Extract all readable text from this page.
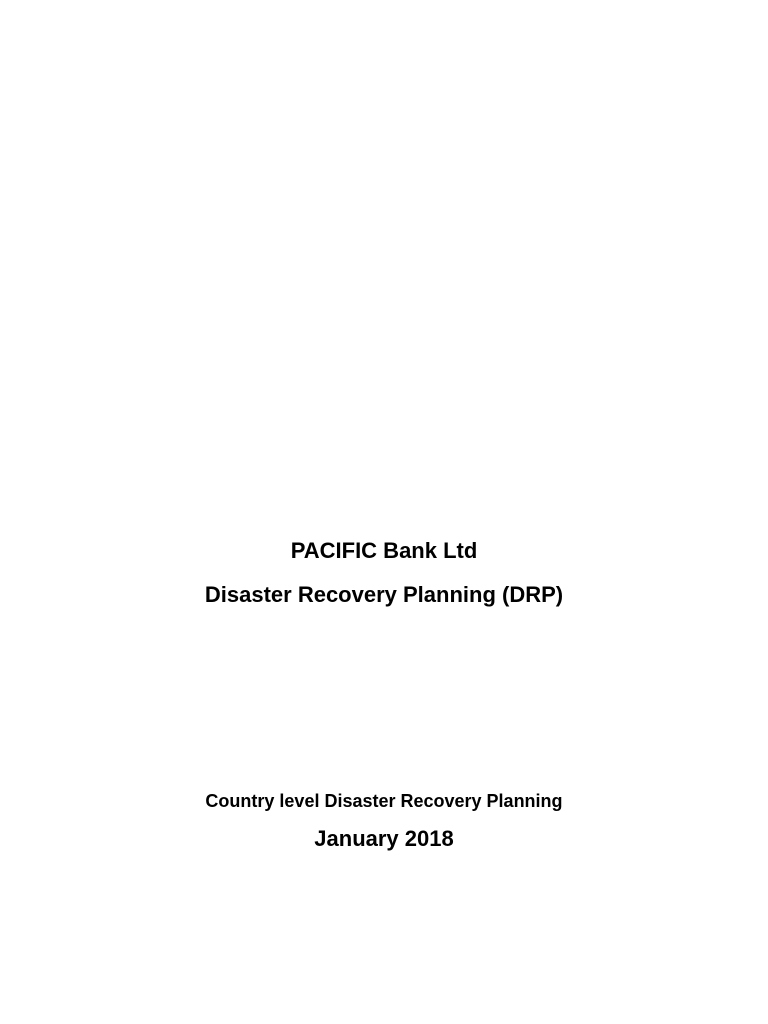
PACIFIC Bank Ltd
Disaster Recovery Planning (DRP)
Country level Disaster Recovery Planning
January 2018
